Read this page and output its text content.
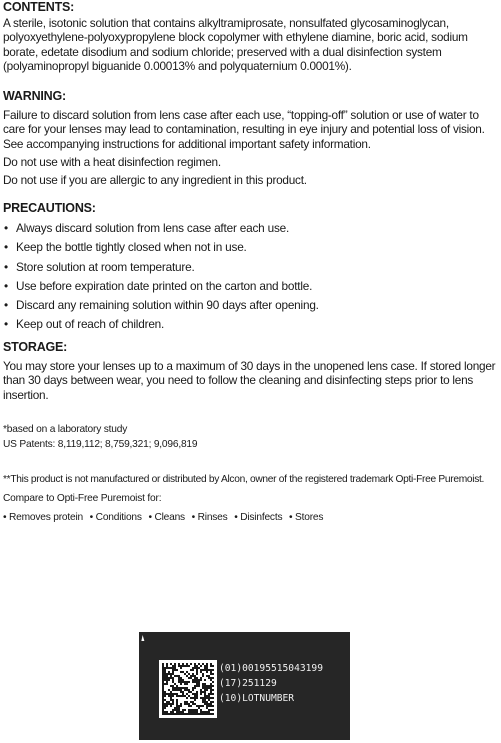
CONTENTS:

A sterile, isotonic solution that contains alkyltramiprosate, nonsulfated glycosaminoglycan,

polyoxyethylene-polyoxypropylene block copolymer with ethylene diamine, boric acid, sodium

borate, edetate disodium and sodium chloride; preserved with a dual disinfection system

(polyaminopropyl biguanide 0.00013% and polyquaternium 0.0001%).

WARNING:

Failure to discard solution from lens case after each use, “topping-off” solution or use of water to

care for your lenses may lead to contamination, resulting in eye injury and potential loss of vision.

See accompanying instructions for additional important safety information.

Do not use with a heat disinfection regimen.

Do not use if you are allergic to any ingredient in this product.

PRECAUTIONS:
• Always discard solution from lens case after each use.
• Keep the bottle tightly closed when not in use.
• Store solution at room temperature.
• Use before expiration date printed on the carton and bottle.
• Discard any remaining solution within 90 days after opening.
• Keep out of reach of children.
STORAGE:

You may store your lenses up to a maximum of 30 days in the unopened lens case. If stored longer

than 30 days between wear, you need to follow the cleaning and disinfecting steps prior to lens

insertion.

*based on a laboratory study

US Patents: 8,119,112; 8,759,321; 9,096,819

**This product is not manufactured or distributed by Alcon, owner of the registered trademark Opti-Free Puremoist.

Compare to Opti-Free Puremoist for:

• Removes protein • Conditions • Cleans • Rinses • Disinfects • Stores

(01)00195515043199
(17)251129
(10)LOTNUMBER
